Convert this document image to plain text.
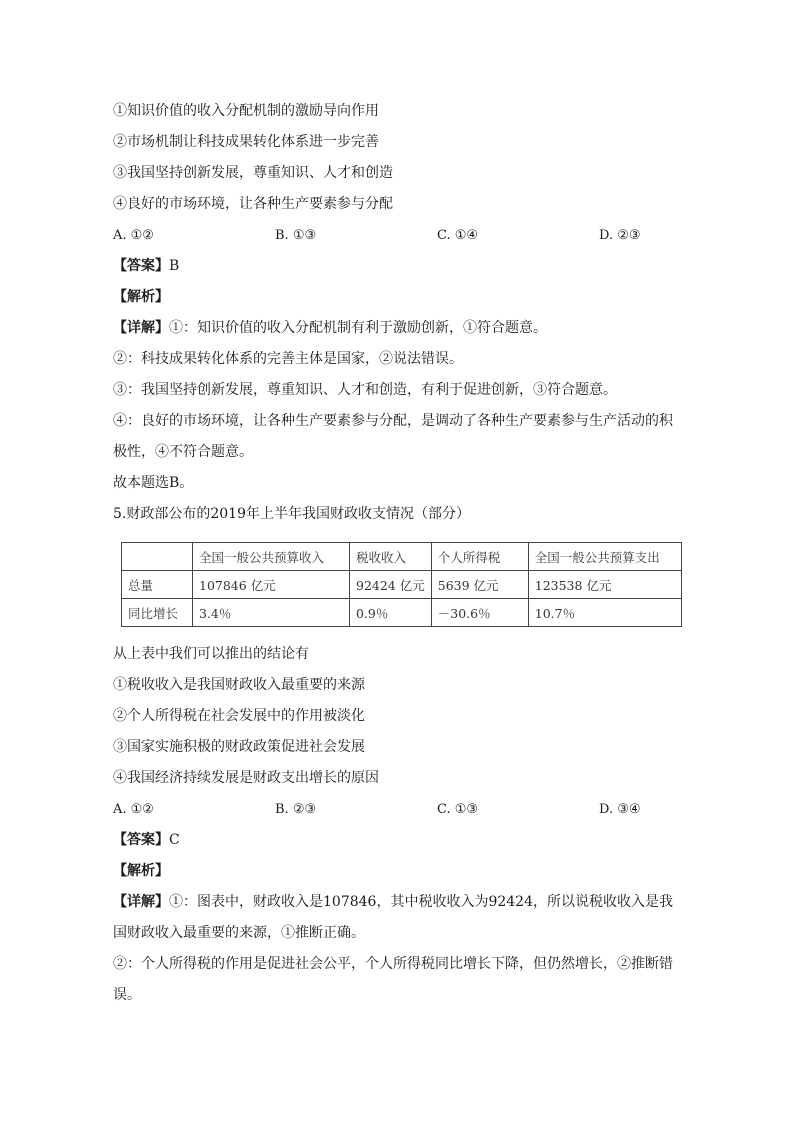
①知识价值的收入分配机制的激励导向作用
②市场机制让科技成果转化体系进一步完善
③我国坚持创新发展，尊重知识、人才和创造
④良好的市场环境，让各种生产要素参与分配
A. ①②	B. ①③	C. ①④	D. ②③
【答案】B
【解析】
【详解】①：知识价值的收入分配机制有利于激励创新，①符合题意。
②：科技成果转化体系的完善主体是国家，②说法错误。
③：我国坚持创新发展，尊重知识、人才和创造，有利于促进创新，③符合题意。
④：良好的市场环境，让各种生产要素参与分配，是调动了各种生产要素参与生产活动的积极性，④不符合题意。
故本题选B。
5.财政部公布的2019年上半年我国财政收支情况（部分）
	全国一般公共预算收入	税收收入	个人所得税	全国一般公共预算支出
总量	107846 亿元	92424 亿元	5639 亿元	123538 亿元
同比增长	3.4％	0.9％	－30.6％	10.7％
从上表中我们可以推出的结论有
①税收收入是我国财政收入最重要的来源
②个人所得税在社会发展中的作用被淡化
③国家实施积极的财政政策促进社会发展
④我国经济持续发展是财政支出增长的原因
A. ①②	B. ②③	C. ①③	D. ③④
【答案】C
【解析】
【详解】①：图表中，财政收入是107846，其中税收收入为92424，所以说税收收入是我国财政收入最重要的来源，①推断正确。
②：个人所得税的作用是促进社会公平，个人所得税同比增长下降，但仍然增长，②推断错误。
